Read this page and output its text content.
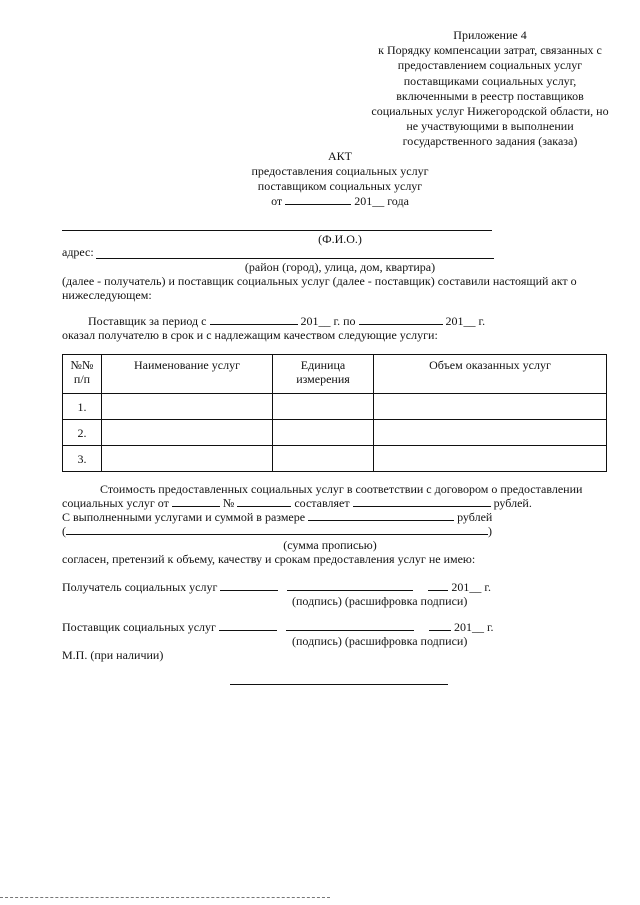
Приложение 4
к Порядку компенсации затрат, связанных с
предоставлением социальных услуг
поставщиками социальных услуг,
включенными в реестр поставщиков
социальных услуг Нижегородской области, но
не участвующими в выполнении
государственного задания (заказа)
АКТ
предоставления социальных услуг
поставщиком социальных услуг
от	201__ года
(Ф.И.О.)
адрес:
(район (город), улица, дом, квартира)
(далее - получатель) и поставщик социальных услуг (далее - поставщик) составили настоящий акт о
нижеследующем:
Поставщик за период с	201__ г. по	201__ г.
оказал получателю в срок и с надлежащим качеством следующие услуги:
№№ п/п	Наименование услуг	Единица измерения	Объем оказанных услуг
1.			
2.			
3.			
Стоимость предоставленных социальных услуг в соответствии с договором о предоставлении
социальных услуг от	№	составляет	рублей.
С выполненными услугами и суммой в размере	рублей
(	)
(сумма прописью)
согласен, претензий к объему, качеству и срокам предоставления услуг не имею:
Получатель социальных услуг	201__ г.
(подпись) (расшифровка подписи)
Поставщик социальных услуг	201__ г.
(подпись) (расшифровка подписи)
М.П. (при наличии)
